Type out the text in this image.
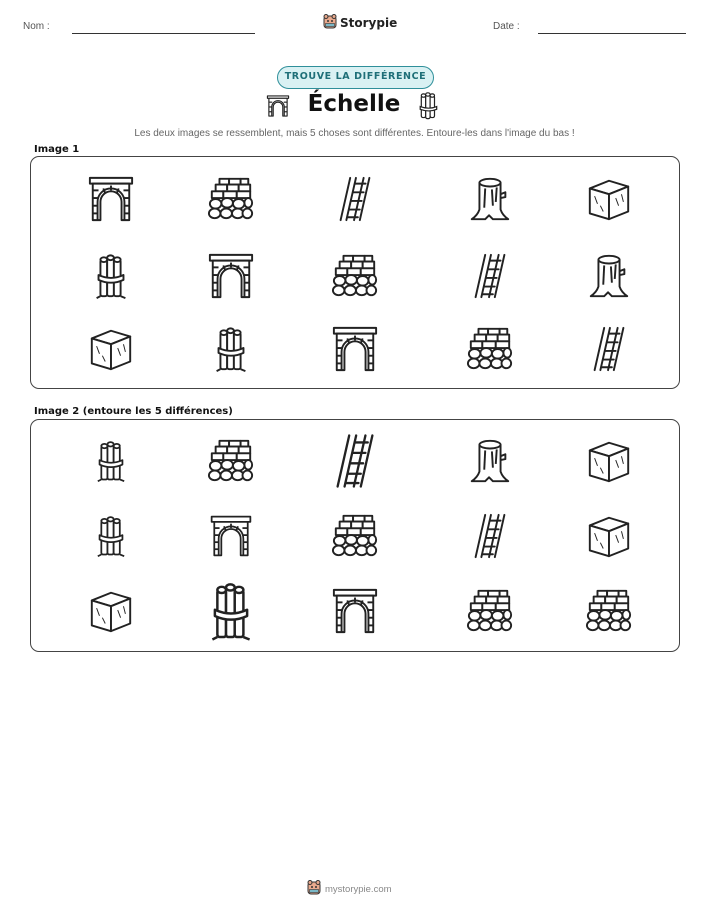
Nom :	Storypie	Date :
TROUVE LA DIFFÉRENCE
Échelle
Les deux images se ressemblent, mais 5 choses sont différentes. Entoure-les dans l'image du bas !
Image 1
Image 2 (entoure les 5 différences)
mystorypie.com
